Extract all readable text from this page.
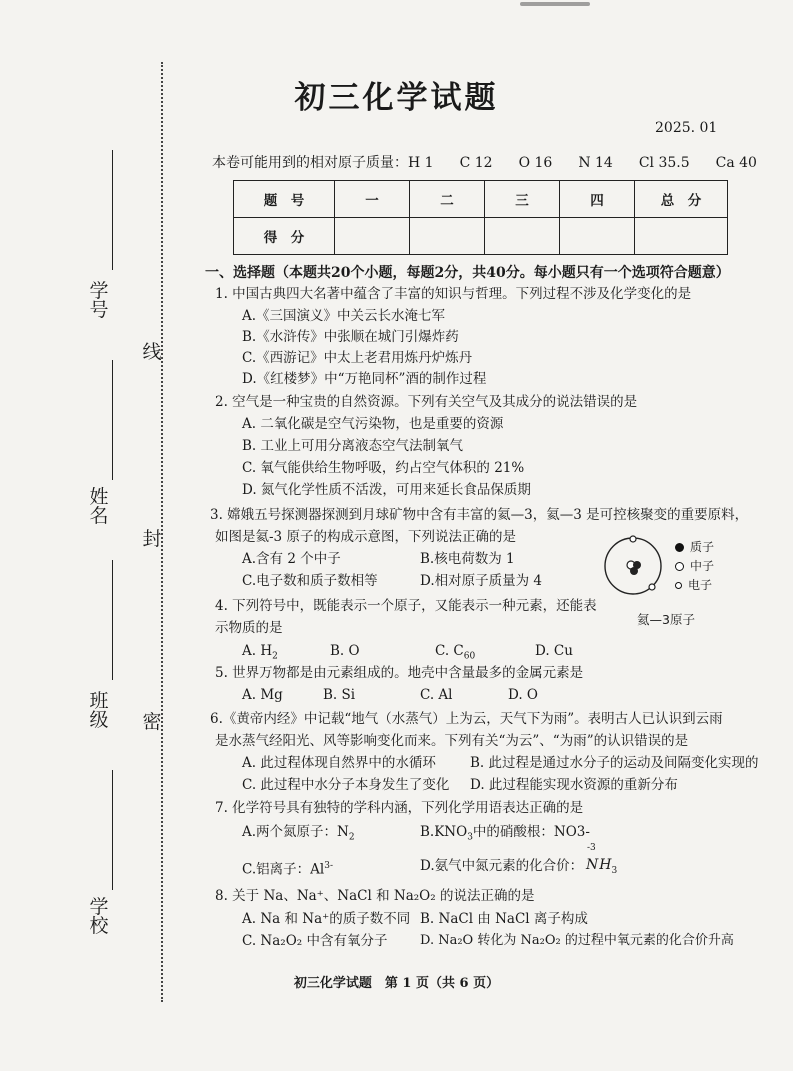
学号
姓名
班级
学校
线
封
密
初三化学试题
2025. 01
本卷可能用到的相对原子质量：H 1 C 12 O 16 N 14 Cl 35.5 Ca 40
题　号	一	二	三	四	总　分
得　分					
一、选择题（本题共20个小题，每题2分，共40分。每小题只有一个选项符合题意）
1. 中国古典四大名著中蕴含了丰富的知识与哲理。下列过程不涉及化学变化的是
A.《三国演义》中关云长水淹七军
B.《水浒传》中张顺在城门引爆炸药
C.《西游记》中太上老君用炼丹炉炼丹
D.《红楼梦》中“万艳同杯”酒的制作过程
2. 空气是一种宝贵的自然资源。下列有关空气及其成分的说法错误的是
A. 二氧化碳是空气污染物，也是重要的资源
B. 工业上可用分离液态空气法制氧气
C. 氧气能供给生物呼吸，约占空气体积的 21%
D. 氮气化学性质不活泼，可用来延长食品保质期
3. 嫦娥五号探测器探测到月球矿物中含有丰富的氦—3，氦—3 是可控核聚变的重要原料，
如图是氦-3 原子的构成示意图，下列说法正确的是
A.含有 2 个中子	B.核电荷数为 1
C.电子数和质子数相等	D.相对原子质量为 4
质子
中子
电子
氦—3原子
4. 下列符号中，既能表示一个原子，又能表示一种元素，还能表
示物质的是
A. $H_2$	B. O	C. $C_{60}$	D. Cu
5. 世界万物都是由元素组成的。地壳中含量最多的金属元素是
A. Mg	B. Si	C. Al	D. O
6.《黄帝内经》中记载“地气（水蒸气）上为云，天气下为雨”。表明古人已认识到云雨
是水蒸气经阳光、风等影响变化而来。下列有关“为云”、“为雨”的认识错误的是
A. 此过程体现自然界中的水循环	B. 此过程是通过水分子的运动及间隔变化实现的
C. 此过程中水分子本身发生了变化 D. 此过程能实现水资源的重新分布
7. 化学符号具有独特的学科内涵，下列化学用语表达正确的是
A.两个氮原子：$N_2$	$B.KNO_3$中的硝酸根：NO3-
C.铝离子：$Al^{3-}$	D.氨气中氮元素的化合价：
-3
$NH_3$
8. 关于 Na、Na⁺、NaCl 和 Na₂O₂ 的说法正确的是
A. Na 和 Na⁺的质子数不同 B. NaCl 由 NaCl 离子构成
C. Na₂O₂ 中含有氧分子	D. Na₂O 转化为 Na₂O₂ 的过程中氧元素的化合价升高
初三化学试题　第 1 页（共 6 页）
